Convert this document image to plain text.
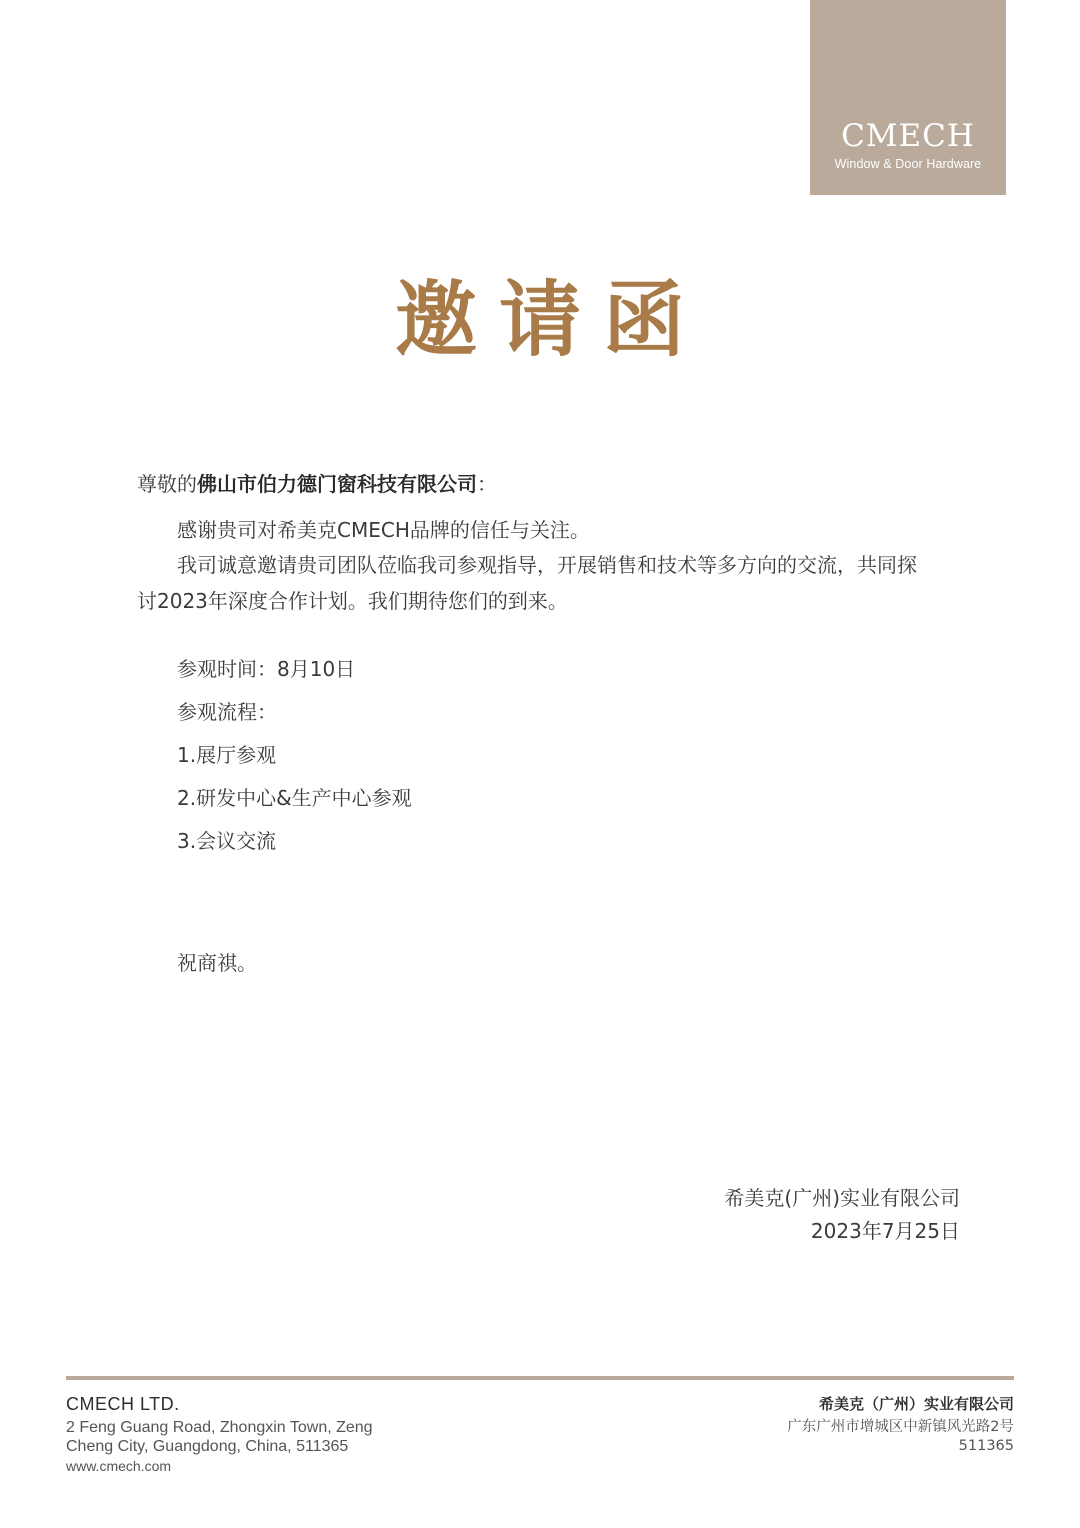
CMECH
Window & Door Hardware
邀请函
尊敬的佛山市伯力德门窗科技有限公司：
感谢贵司对希美克CMECH品牌的信任与关注。
我司诚意邀请贵司团队莅临我司参观指导，开展销售和技术等多方向的交流，共同探
讨2023年深度合作计划。我们期待您们的到来。
参观时间：8月10日
参观流程：
1.展厅参观
2.研发中心&生产中心参观
3.会议交流
祝商祺。
希美克(广州)实业有限公司
2023年7月25日
CMECH LTD.
2 Feng Guang Road, Zhongxin Town, Zeng
Cheng City, Guangdong, China, 511365
www.cmech.com
希美克（广州）实业有限公司
广东广州市增城区中新镇风光路2号
511365
